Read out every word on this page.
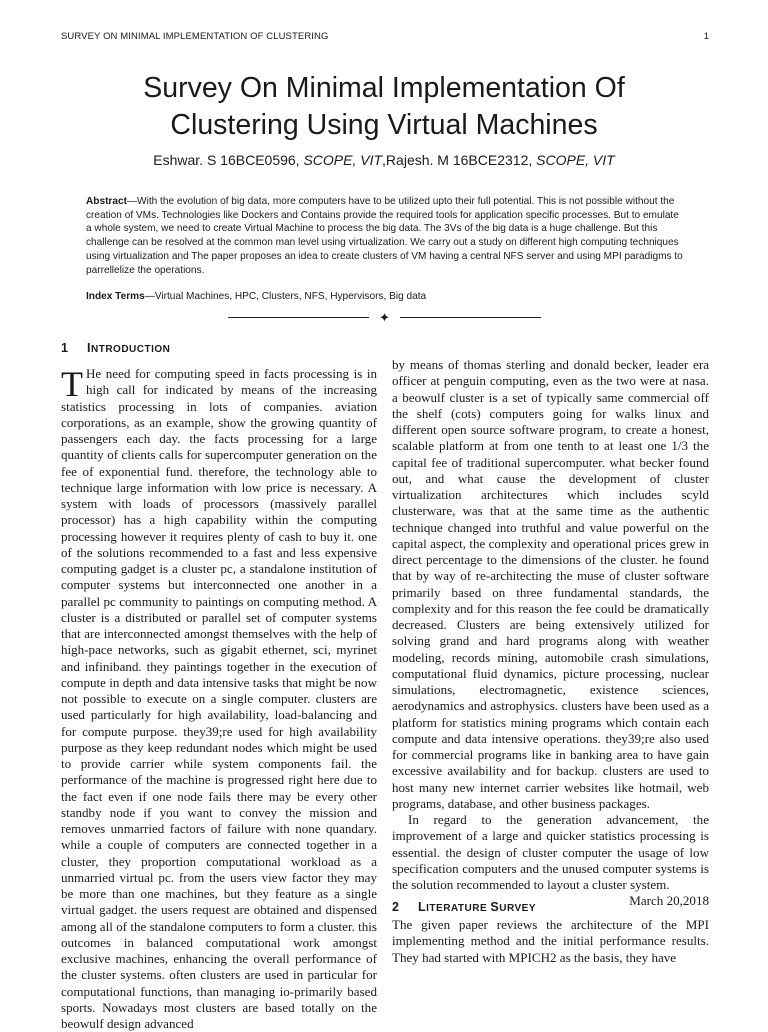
SURVEY ON MINIMAL IMPLEMENTATION OF CLUSTERING	1
Survey On Minimal Implementation Of
Clustering Using Virtual Machines
Eshwar. S 16BCE0596, SCOPE, VIT,Rajesh. M 16BCE2312, SCOPE, VIT
Abstract—With the evolution of big data, more computers have to be utilized upto their full potential. This is not possible without the creation of VMs. Technologies like Dockers and Contains provide the required tools for application specific processes. But to emulate a whole system, we need to create Virtual Machine to process the big data. The 3Vs of the big data is a huge challenge. But this challenge can be resolved at the common man level using virtualization. We carry out a study on different high computing techniques using virtualization and The paper proposes an idea to create clusters of VM having a central NFS server and using MPI paradigms to parrellelize the operations.
Index Terms—Virtual Machines, HPC, Clusters, NFS, Hypervisors, Big data
✦
1 INTRODUCTION

T He need for computing speed in facts processing is in high call for indicated by means of the increasing statistics processing in lots of companies. aviation corporations, as an example, show the growing quantity of passengers each day. the facts processing for a large quantity of clients calls for supercomputer generation on the fee of exponential fund. therefore, the technology able to technique large information with low price is necessary. A system with loads of processors (massively parallel processor) has a high capability within the computing processing however it requires plenty of cash to buy it. one of the solutions recommended to a fast and less expensive computing gadget is a cluster pc, a standalone institution of computer systems but interconnected one another in a parallel pc community to paintings on computing method. A cluster is a distributed or parallel set of computer systems that are interconnected amongst themselves with the help of high-pace networks, such as gigabit ethernet, sci, myrinet and infiniband. they paintings together in the execution of compute in depth and data intensive tasks that might be now not possible to execute on a single computer. clusters are used particularly for high availability, load-balancing and for compute purpose. they39;re used for high availability purpose as they keep redundant nodes which might be used to provide carrier while system components fail. the performance of the machine is progressed right here due to the fact even if one node fails there may be every other standby node if you want to convey the mission and removes unmarried factors of failure with none quandary. while a couple of computers are connected together in a cluster, they proportion computational workload as a unmarried virtual pc. from the users view factor they may be more than one machines, but they feature as a single virtual gadget. the users request are obtained and dispensed among all of the standalone computers to form a cluster. this outcomes in balanced computational work amongst exclusive machines, enhancing the overall performance of the cluster systems. often clusters are used in particular for computational functions, than managing io-primarily based sports. Nowadays most clusters are based totally on the beowulf design advanced

by means of thomas sterling and donald becker, leader era officer at penguin computing, even as the two were at nasa. a beowulf cluster is a set of typically same commercial off the shelf (cots) computers going for walks linux and different open source software program, to create a honest, scalable platform at from one tenth to at least one 1/3 the capital fee of traditional supercomputer. what becker found out, and what cause the development of cluster virtualization architectures which includes scyld clusterware, was that at the same time as the authentic technique changed into truthful and value powerful on the capital aspect, the complexity and operational prices grew in direct percentage to the dimensions of the cluster. he found that by way of re-architecting the muse of cluster software primarily based on three fundamental standards, the complexity and for this reason the fee could be dramatically decreased. Clusters are being extensively utilized for solving grand and hard programs along with weather modeling, records mining, automobile crash simulations, computational fluid dynamics, picture processing, nuclear simulations, electromagnetic, existence sciences, aerodynamics and astrophysics. clusters have been used as a platform for statistics mining programs which contain each compute and data intensive operations. they39;re also used for commercial programs like in banking area to have gain excessive availability and for backup. clusters are used to host many new internet carrier websites like hotmail, web programs, database, and other business packages.

In regard to the generation advancement, the improvement of a large and quicker statistics processing is essential. the design of cluster computer the usage of low specification computers and the unused computer systems is the solution recommended to layout a cluster system.

March 20,2018

2 LITERATURE SURVEY

The given paper reviews the architecture of the MPI implementing method and the initial performance results. They had started with MPICH2 as the basis, they have
